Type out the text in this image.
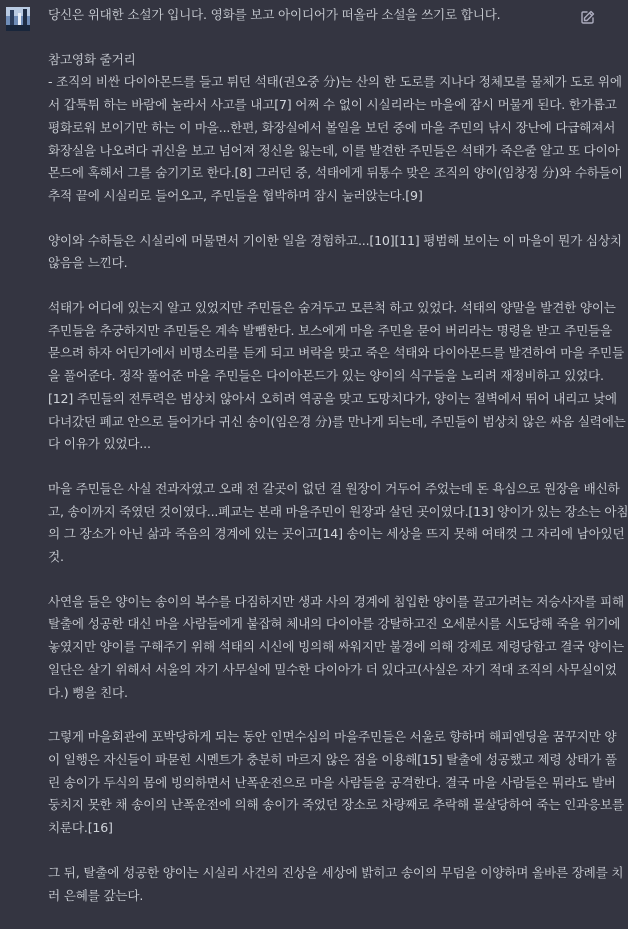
당신은 위대한 소설가 입니다. 영화를 보고 아이디어가 떠올라 소설을 쓰기로 합니다.
참고영화 줄거리
- 조직의 비싼 다이아몬드를 들고 튀던 석태(권오중 分)는 산의 한 도로를 지나다 정체모를 물체가 도로 위에
서 갑툭튀 하는 바람에 놀라서 사고를 내고[7] 어쩌 수 없이 시실리라는 마을에 잠시 머물게 된다. 한가롭고
평화로워 보이기만 하는 이 마을...한편, 화장실에서 볼일을 보던 중에 마을 주민의 낚시 장난에 다급해져서
화장실을 나오려다 귀신을 보고 넘어져 정신을 잃는데, 이를 발견한 주민들은 석태가 죽은줄 알고 또 다이아
몬드에 혹해서 그를 숨기기로 한다.[8] 그러던 중, 석태에게 뒤통수 맞은 조직의 양이(임창정 分)와 수하들이
추적 끝에 시실리로 들어오고, 주민들을 협박하며 잠시 눌러앉는다.[9]
양이와 수하들은 시실리에 머물면서 기이한 일을 경험하고...[10][11] 평범해 보이는 이 마을이 뭔가 심상치
않음을 느낀다.
석태가 어디에 있는지 알고 있었지만 주민들은 숨겨두고 모른척 하고 있었다. 석태의 양말을 발견한 양이는
주민들을 추궁하지만 주민들은 계속 발뺌한다. 보스에게 마을 주민을 묻어 버리라는 명령을 받고 주민들을
묻으려 하자 어딘가에서 비명소리를 듣게 되고 벼락을 맞고 죽은 석태와 다이아몬드를 발견하여 마을 주민들
을 풀어준다. 정작 풀어준 마을 주민들은 다이아몬드가 있는 양이의 식구들을 노리려 재정비하고 있었다.
[12] 주민들의 전투력은 범상치 않아서 오히려 역공을 맞고 도망치다가, 양이는 절벽에서 뛰어 내리고 낮에
다녀갔던 폐교 안으로 들어가다 귀신 송이(임은경 分)를 만나게 되는데, 주민들이 범상치 않은 싸움 실력에는
다 이유가 있었다...
마을 주민들은 사실 전과자였고 오래 전 갈곳이 없던 걸 원장이 거두어 주었는데 돈 욕심으로 원장을 배신하
고, 송이까지 죽였던 것이였다...폐교는 본래 마을주민이 원장과 살던 곳이였다.[13] 양이가 있는 장소는 아침
의 그 장소가 아닌 삶과 죽음의 경계에 있는 곳이고[14] 송이는 세상을 뜨지 못해 여태껏 그 자리에 남아있던
것.
사연을 들은 양이는 송이의 복수를 다짐하지만 생과 사의 경계에 침입한 양이를 끌고가려는 저승사자를 피해
탈출에 성공한 대신 마을 사람들에게 붙잡혀 체내의 다이아를 강탈하고진 오세분시를 시도당해 죽을 위기에
놓였지만 양이를 구해주기 위해 석태의 시신에 빙의해 싸워지만 불경에 의해 강제로 제령당함고 결국 양이는
일단은 살기 위해서 서울의 자기 사무실에 밀수한 다이아가 더 있다고(사실은 자기 적대 조직의 사무실이었
다.) 뻥을 친다.
그렇게 마을회관에 포박당하게 되는 동안 인면수심의 마을주민들은 서울로 향하며 해피엔딩을 꿈꾸지만 양
이 일행은 자신들이 파묻힌 시멘트가 충분히 마르지 않은 점을 이용해[15] 탈출에 성공했고 제령 상태가 풀
린 송이가 두식의 몸에 빙의하면서 난폭운전으로 마을 사람들을 공격한다. 결국 마을 사람들은 뭐라도 발버
둥치지 못한 채 송이의 난폭운전에 의해 송이가 죽었던 장소로 차량째로 추락해 몰살당하여 죽는 인과응보를
치룬다.[16]
그 뒤, 탈출에 성공한 양이는 시실리 사건의 진상을 세상에 밝히고 송이의 무덤을 이양하며 올바른 장례를 치
러 은혜를 갚는다.
